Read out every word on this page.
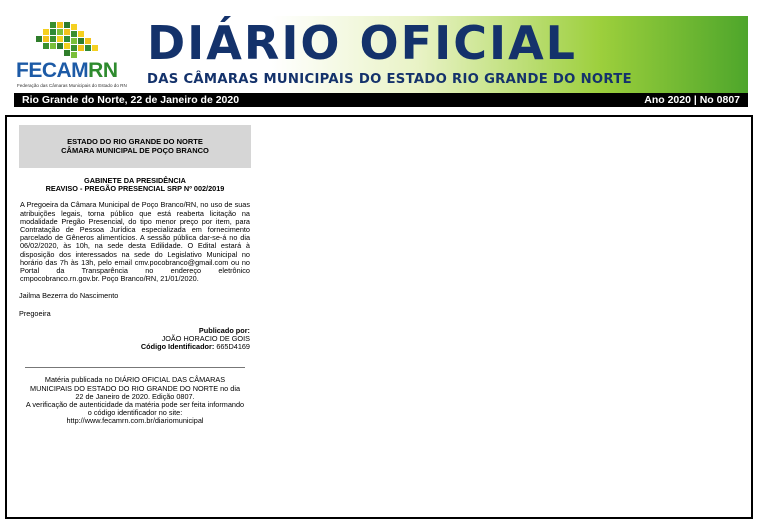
FECAMRN
Federação das Câmaras Municipais do Estado do RN
DIÁRIO OFICIAL
DAS CÂMARAS MUNICIPAIS DO ESTADO RIO GRANDE DO NORTE
Rio Grande do Norte, 22 de Janeiro de 2020	Ano 2020 | No 0807
ESTADO DO RIO GRANDE DO NORTE
CÂMARA MUNICIPAL DE POÇO BRANCO
GABINETE DA PRESIDÊNCIA
REAVISO - PREGÃO PRESENCIAL SRP Nº 002/2019
A Pregoeira da Câmara Municipal de Poço Branco/RN, no uso de suas atribuições legais, torna público que está reaberta licitação na modalidade Pregão Presencial, do tipo menor preço por item, para Contratação de Pessoa Jurídica especializada em fornecimento parcelado de Gêneros alimentícios. A sessão pública dar-se-á no dia 06/02/2020, às 10h, na sede desta Edilidade. O Edital estará à disposição dos interessados na sede do Legislativo Municipal no horário das 7h às 13h, pelo email cmv.pocobranco@gmail.com ou no Portal da Transparência no endereço eletrônico cmpocobranco.rn.gov.br. Poço Branco/RN, 21/01/2020.
Jailma Bezerra do Nascimento
Pregoeira
Publicado por:
JOÃO HORACIO DE GOIS
Código Identificador: 665D4169
Matéria publicada no DIÁRIO OFICIAL DAS CÂMARAS MUNICIPAIS DO ESTADO DO RIO GRANDE DO NORTE no dia 22 de Janeiro de 2020. Edição 0807.
A verificação de autenticidade da matéria pode ser feita informando o código identificador no site:
http://www.fecamrn.com.br/diariomunicipal
